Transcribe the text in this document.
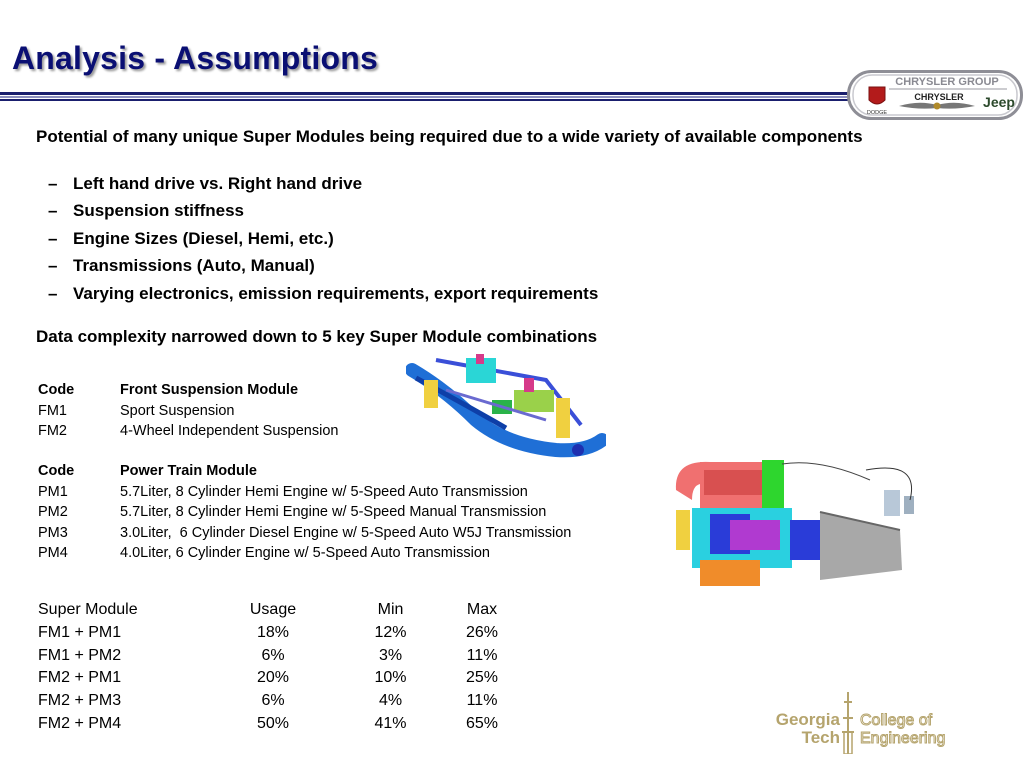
Analysis - Assumptions
CHRYSLER GROUP
DODGE
CHRYSLER Jeep
Potential of many unique Super Modules being required due to a wide variety of available components
– Left hand drive vs. Right hand drive
– Suspension stiffness
– Engine Sizes (Diesel, Hemi, etc.)
– Transmissions (Auto, Manual)
– Varying electronics, emission requirements, export requirements
Data complexity narrowed down to 5 key Super Module combinations
Code	Front Suspension Module
FM1	Sport Suspension
FM2	4-Wheel Independent Suspension
Code	Power Train Module
PM1	5.7Liter, 8 Cylinder Hemi Engine w/ 5-Speed Auto Transmission
PM2	5.7Liter, 8 Cylinder Hemi Engine w/ 5-Speed Manual Transmission
PM3	3.0Liter,  6 Cylinder Diesel Engine w/ 5-Speed Auto W5J Transmission
PM4	4.0Liter, 6 Cylinder Engine w/ 5-Speed Auto Transmission
Super Module	Usage	Min	Max
FM1 + PM1	18%	12%	26%
FM1 + PM2	6%	3%	11%
FM2 + PM1	20%	10%	25%
FM2 + PM3	6%	4%	11%
FM2 + PM4	50%	41%	65%	Georgia
Tech
College of
Engineering
